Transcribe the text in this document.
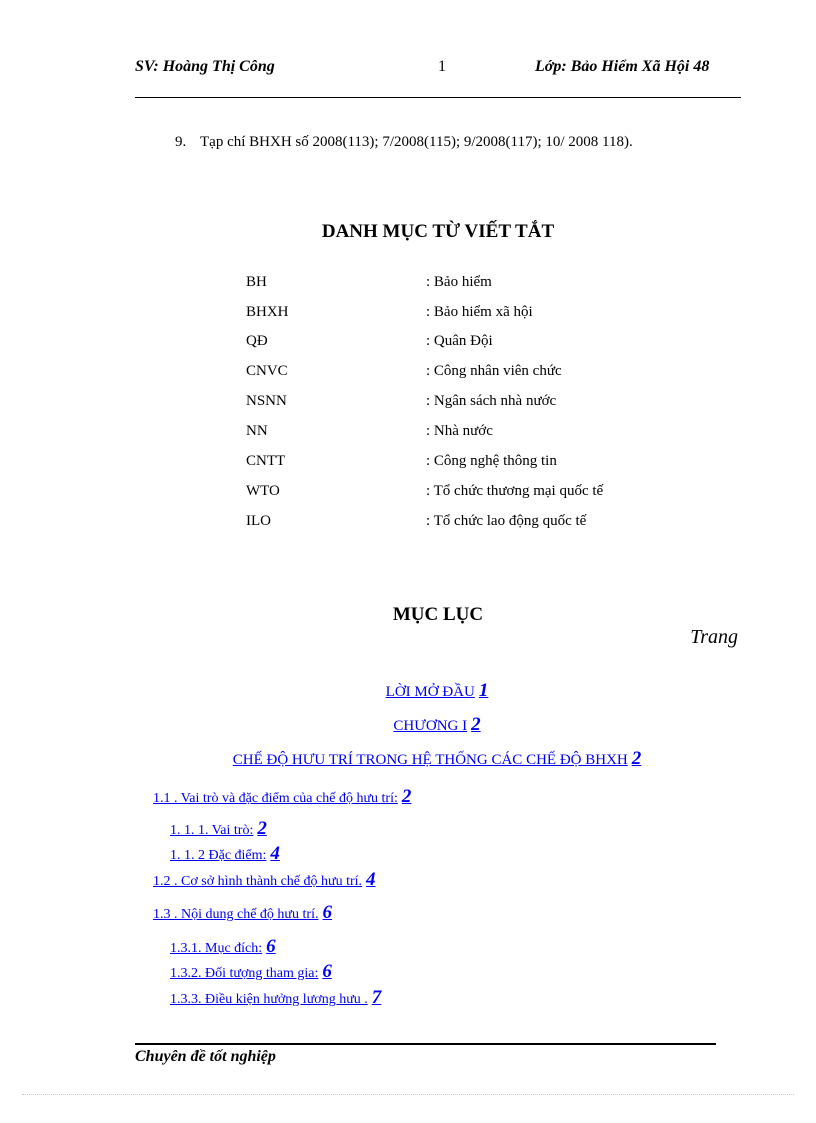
SV: Hoàng Thị Công	1	Lớp: Bảo Hiểm Xã Hội 48
9. Tạp chí BHXH số 2008(113); 7/2008(115); 9/2008(117); 10/ 2008 118).
DANH MỤC TỪ VIẾT TẮT
BH	: Bảo hiểm
BHXH	: Bảo hiểm xã hội
QĐ	: Quân Đội
CNVC	: Công nhân viên chức
NSNN	: Ngân sách nhà nước
NN	: Nhà nước
CNTT	: Công nghệ thông tin
WTO	: Tổ chức thương mại quốc tế
ILO	: Tổ chức lao động quốc tế
MỤC LỤC
Trang
LỜI MỞ ĐẦU 1
CHƯƠNG I 2
CHẾ ĐỘ HƯU TRÍ TRONG HỆ THỐNG CÁC CHẾ ĐỘ BHXH 2
1.1 . Vai trò và đặc điểm của chế độ hưu trí: 2
1. 1. 1. Vai trò: 2
1. 1. 2 Đặc điểm: 4
1.2 . Cơ sở hình thành chế độ hưu trí. 4
1.3 . Nội dung chế độ hưu trí. 6
1.3.1. Mục đích: 6
1.3.2. Đối tượng tham gia: 6
1.3.3. Điều kiện hưởng lương hưu . 7
Chuyên đề tốt nghiệp
